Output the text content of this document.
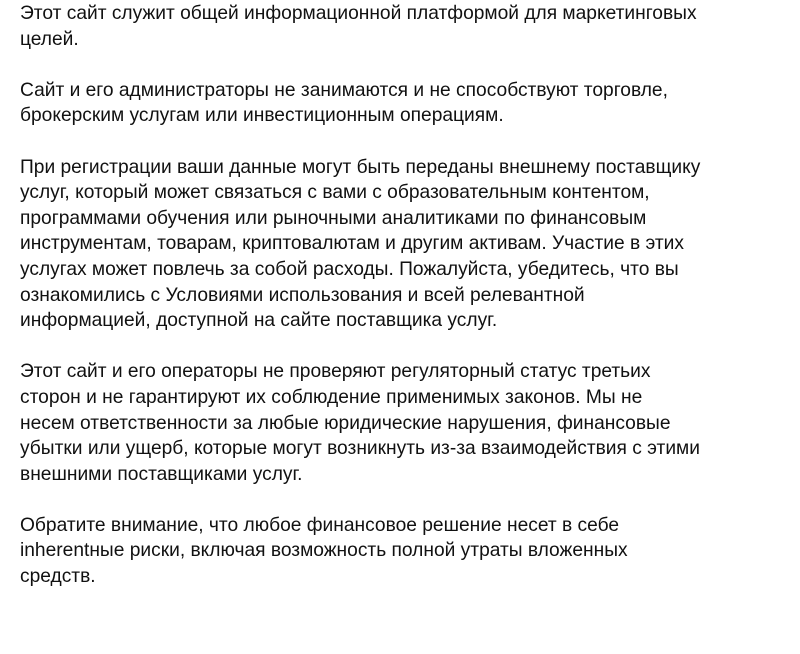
Этот сайт служит общей информационной платформой для маркетинговых
целей.

Сайт и его администраторы не занимаются и не способствуют торговле,
брокерским услугам или инвестиционным операциям.

При регистрации ваши данные могут быть переданы внешнему поставщику
услуг, который может связаться с вами с образовательным контентом,
программами обучения или рыночными аналитиками по финансовым
инструментам, товарам, криптовалютам и другим активам. Участие в этих
услугах может повлечь за собой расходы. Пожалуйста, убедитесь, что вы
ознакомились с Условиями использования и всей релевантной
информацией, доступной на сайте поставщика услуг.

Этот сайт и его операторы не проверяют регуляторный статус третьих
сторон и не гарантируют их соблюдение применимых законов. Мы не
несем ответственности за любые юридические нарушения, финансовые
убытки или ущерб, которые могут возникнуть из-за взаимодействия с этими
внешними поставщиками услуг.

Обратите внимание, что любое финансовое решение несет в себе
inherentные риски, включая возможность полной утраты вложенных
средств.
